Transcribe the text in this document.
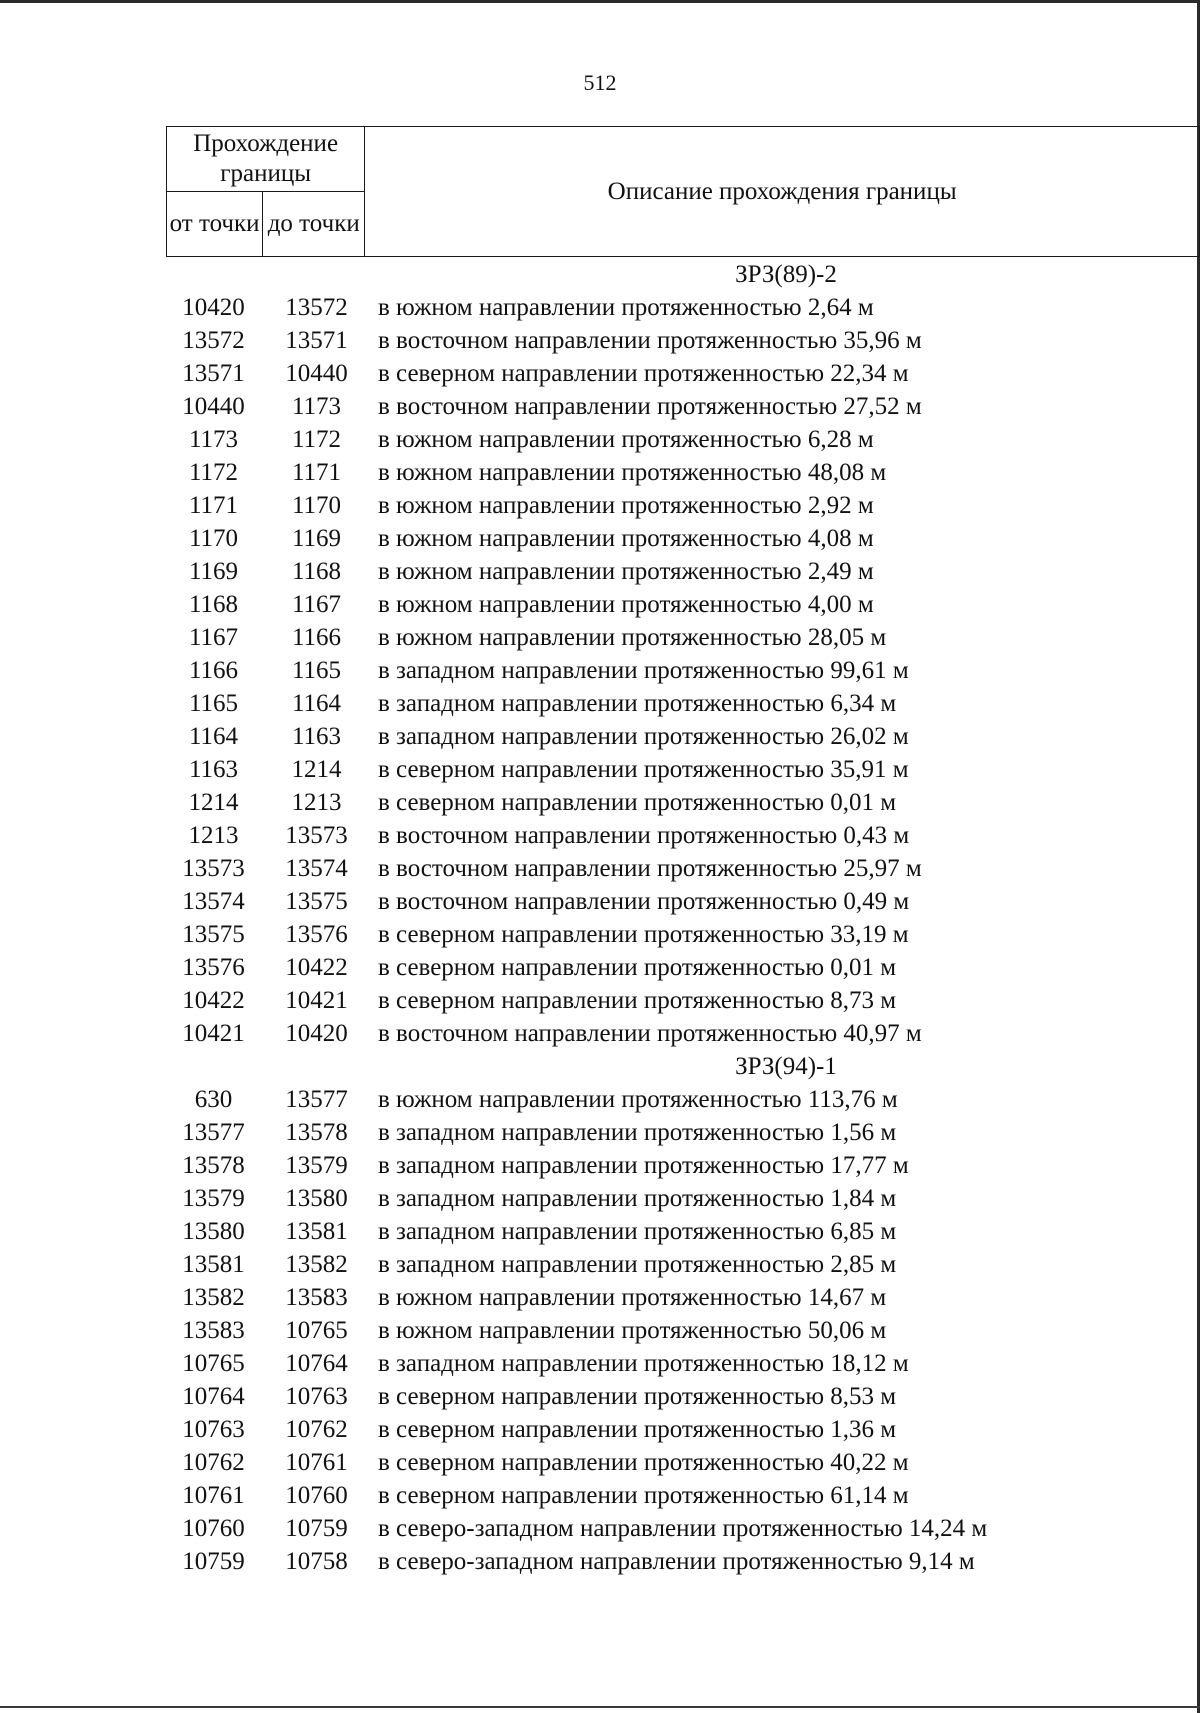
512
Прохождение границы		Описание прохождения границы
от точки	до точки	
ЗРЗ(89)-2
10420	13572	в южном направлении протяженностью 2,64 м
13572	13571	в восточном направлении протяженностью 35,96 м
13571	10440	в северном направлении протяженностью 22,34 м
10440	1173	в восточном направлении протяженностью 27,52 м
1173	1172	в южном направлении протяженностью 6,28 м
1172	1171	в южном направлении протяженностью 48,08 м
1171	1170	в южном направлении протяженностью 2,92 м
1170	1169	в южном направлении протяженностью 4,08 м
1169	1168	в южном направлении протяженностью 2,49 м
1168	1167	в южном направлении протяженностью 4,00 м
1167	1166	в южном направлении протяженностью 28,05 м
1166	1165	в западном направлении протяженностью 99,61 м
1165	1164	в западном направлении протяженностью 6,34 м
1164	1163	в западном направлении протяженностью 26,02 м
1163	1214	в северном направлении протяженностью 35,91 м
1214	1213	в северном направлении протяженностью 0,01 м
1213	13573	в восточном направлении протяженностью 0,43 м
13573	13574	в восточном направлении протяженностью 25,97 м
13574	13575	в восточном направлении протяженностью 0,49 м
13575	13576	в северном направлении протяженностью 33,19 м
13576	10422	в северном направлении протяженностью 0,01 м
10422	10421	в северном направлении протяженностью 8,73 м
10421	10420	в восточном направлении протяженностью 40,97 м
ЗРЗ(94)-1
630	13577	в южном направлении протяженностью 113,76 м
13577	13578	в западном направлении протяженностью 1,56 м
13578	13579	в западном направлении протяженностью 17,77 м
13579	13580	в западном направлении протяженностью 1,84 м
13580	13581	в западном направлении протяженностью 6,85 м
13581	13582	в западном направлении протяженностью 2,85 м
13582	13583	в южном направлении протяженностью 14,67 м
13583	10765	в южном направлении протяженностью 50,06 м
10765	10764	в западном направлении протяженностью 18,12 м
10764	10763	в северном направлении протяженностью 8,53 м
10763	10762	в северном направлении протяженностью 1,36 м
10762	10761	в северном направлении протяженностью 40,22 м
10761	10760	в северном направлении протяженностью 61,14 м
10760	10759	в северо-западном направлении протяженностью 14,24 м
10759	10758	в северо-западном направлении протяженностью 9,14 м
